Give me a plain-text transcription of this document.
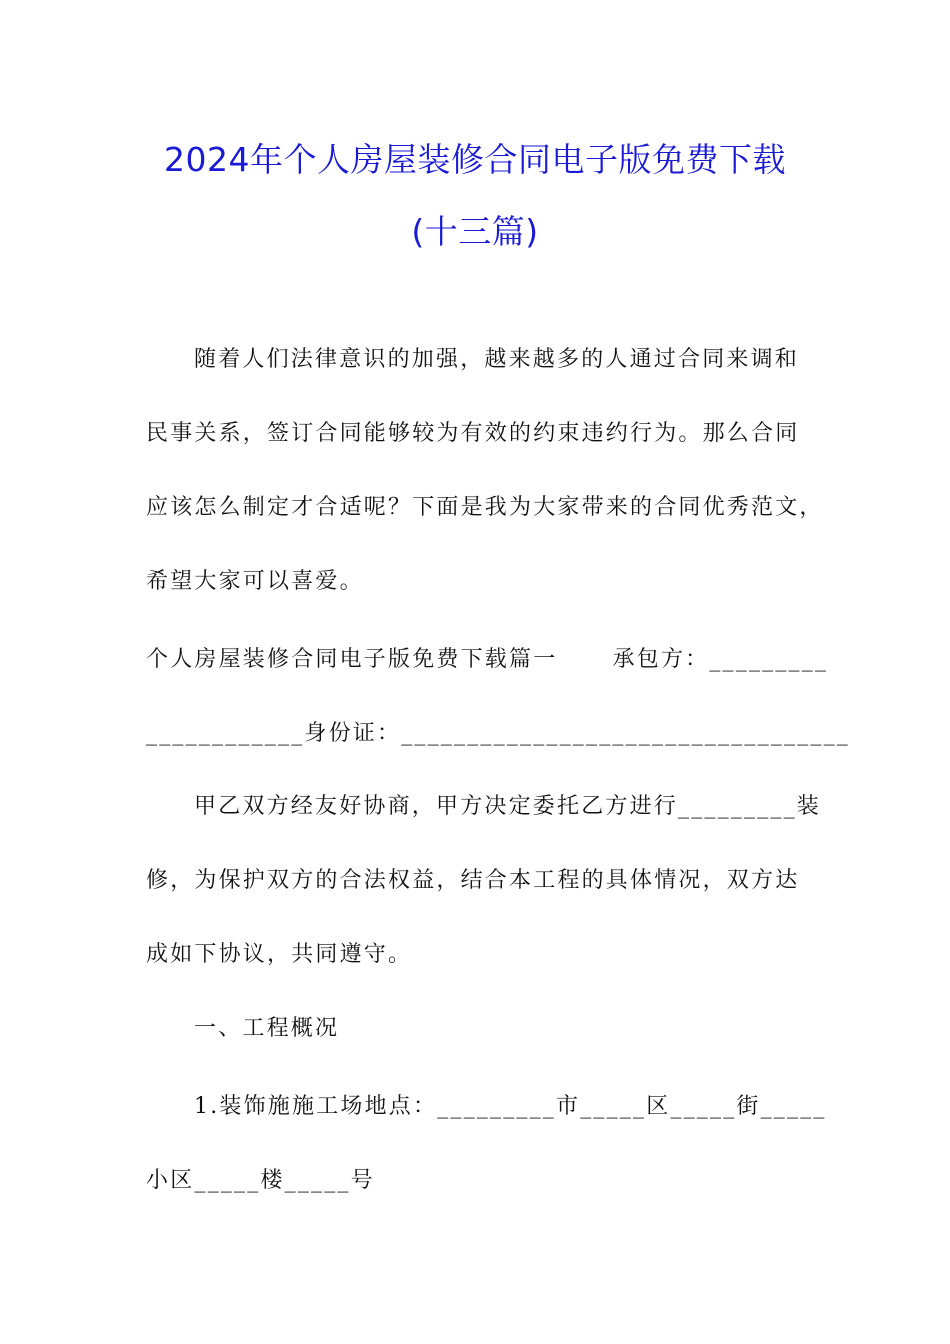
2024年个人房屋装修合同电子版免费下载
(十三篇)
随着人们法律意识的加强，越来越多的人通过合同来调和
民事关系，签订合同能够较为有效的约束违约行为。那么合同
应该怎么制定才合适呢？下面是我为大家带来的合同优秀范文，
希望大家可以喜爱。
个人房屋装修合同电子版免费下载篇一      承包方：_________
____________身份证：__________________________________
甲乙双方经友好协商，甲方决定委托乙方进行_________装
修，为保护双方的合法权益，结合本工程的具体情况，双方达
成如下协议，共同遵守。
一、工程概况
1.装饰施施工场地点：_________市_____区_____街_____
小区_____楼_____号
